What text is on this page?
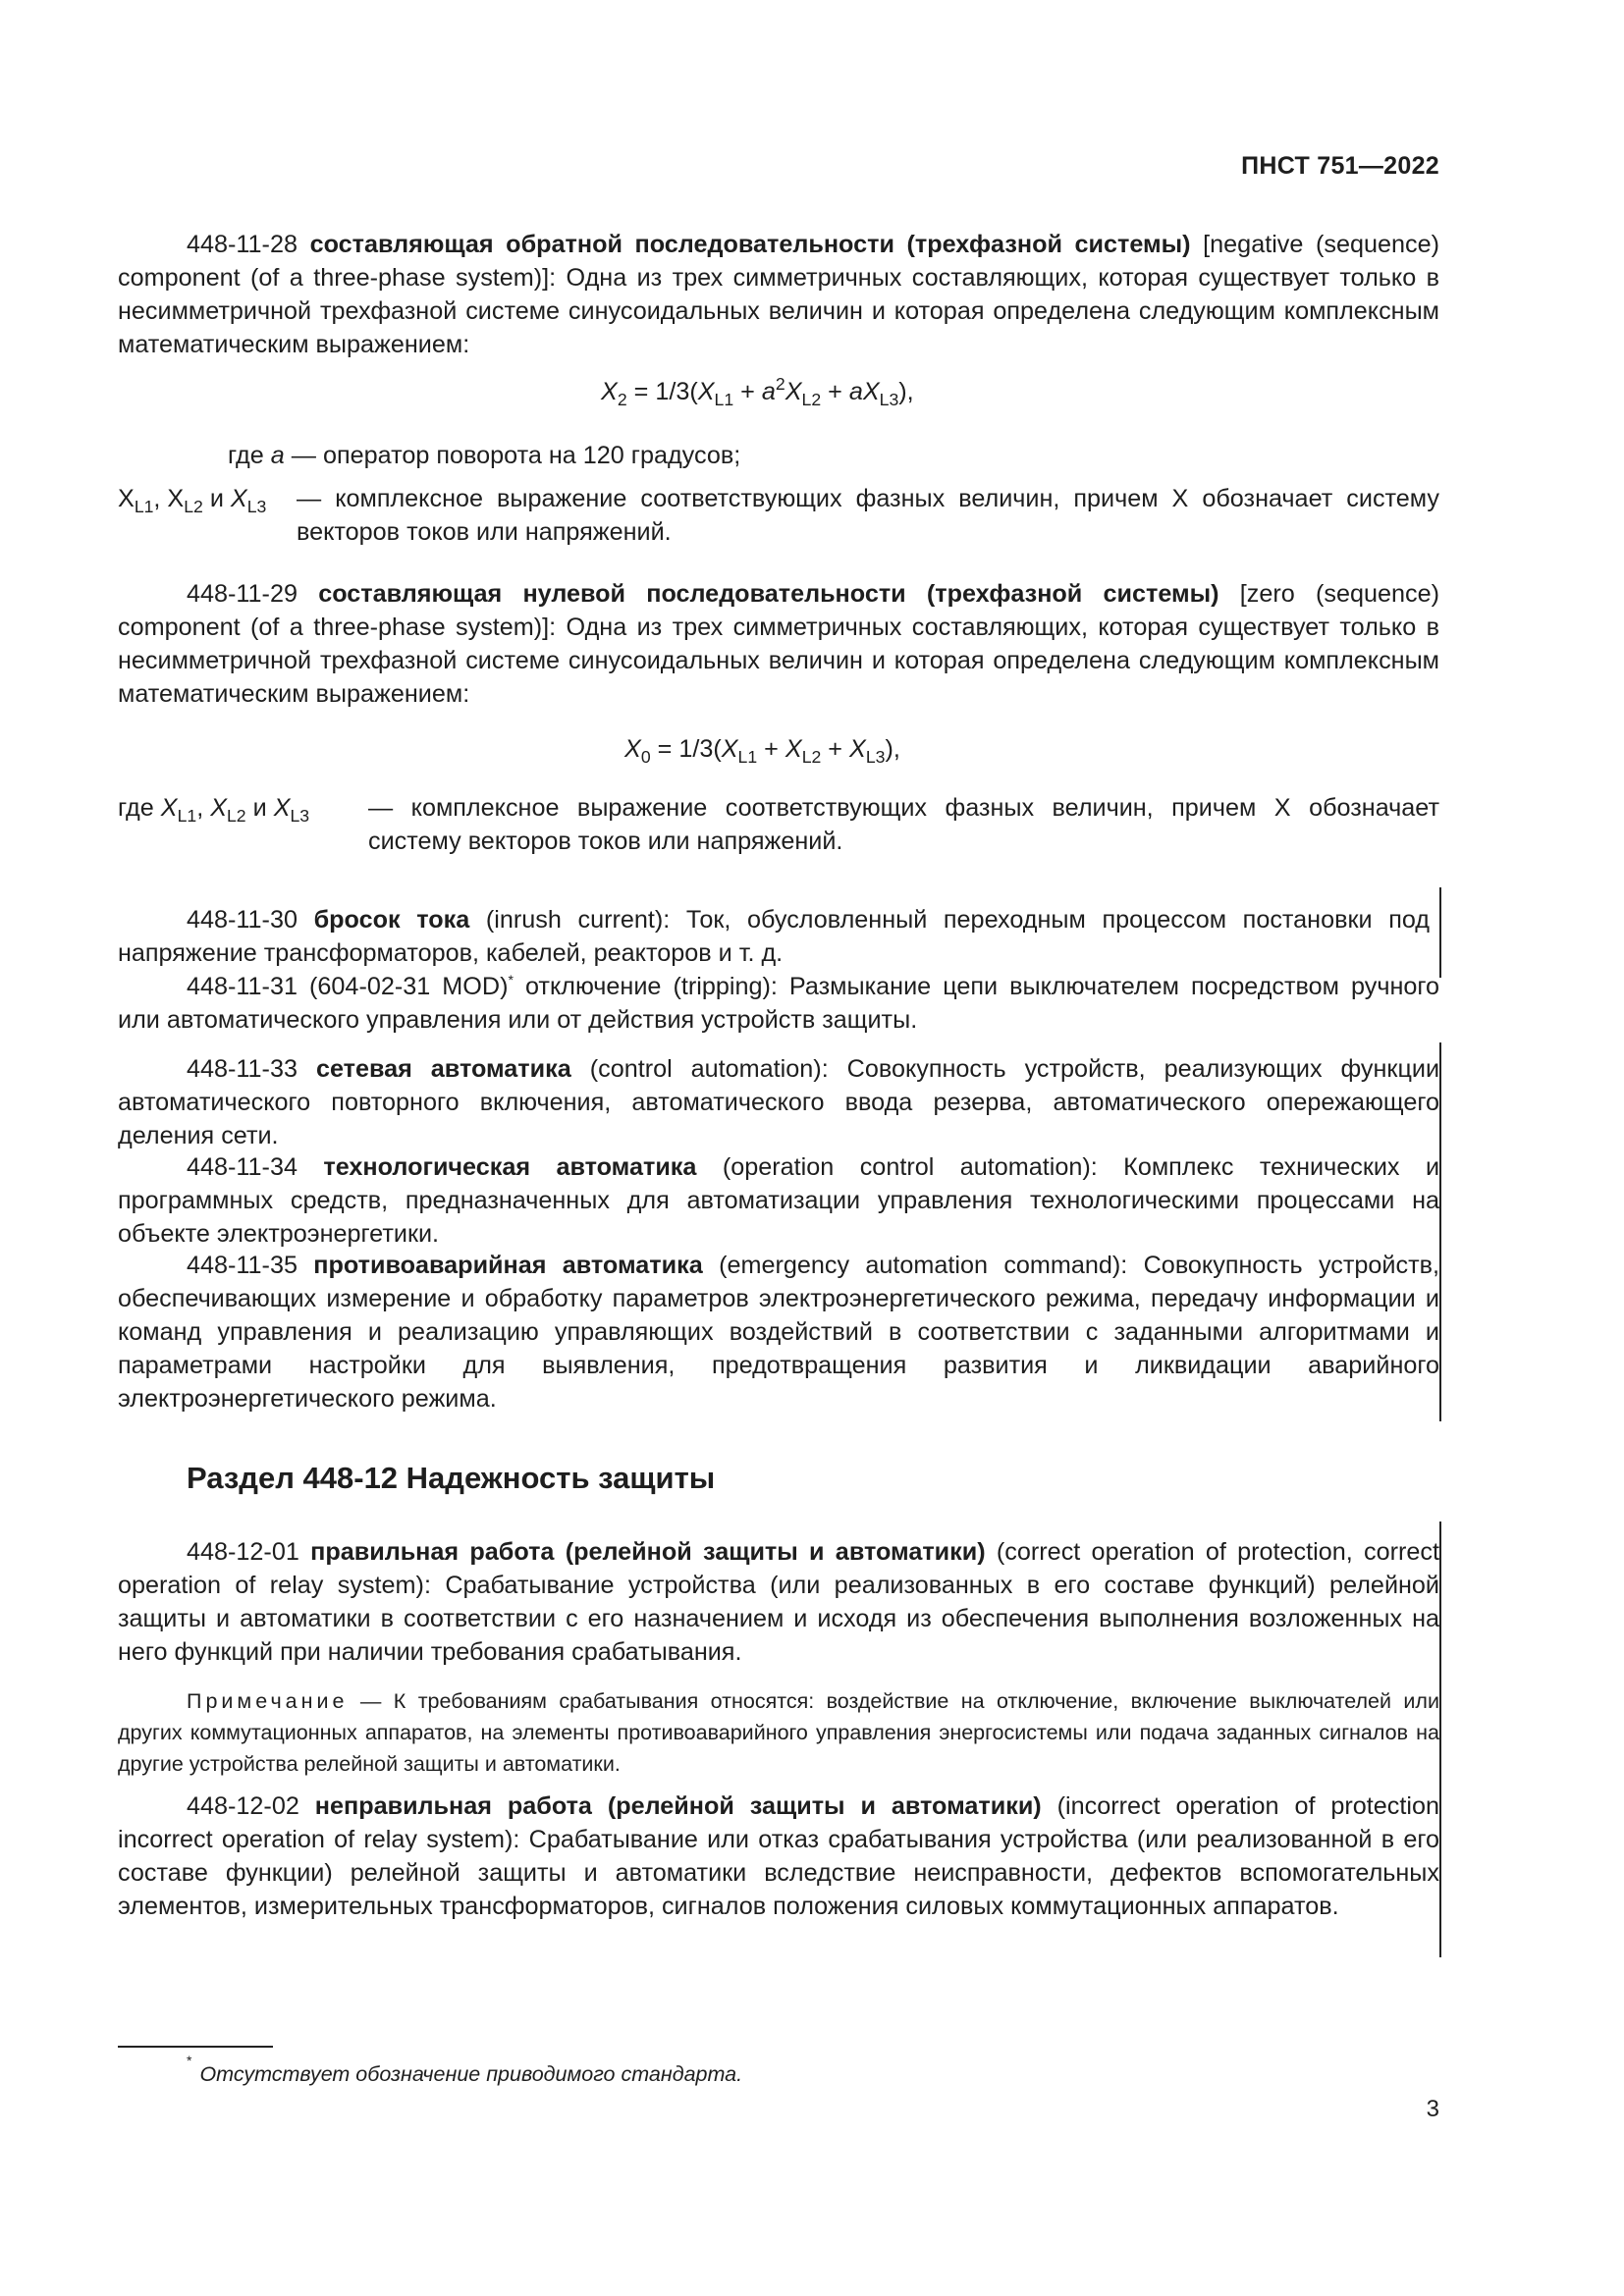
ПНСТ 751—2022

448-11-28 составляющая обратной последовательности (трехфазной системы) [negative (sequence) component (of a three-phase system)]: Одна из трех симметричных составляющих, которая существует только в несимметричной трехфазной системе синусоидальных величин и которая определена следующим комплексным математическим выражением:

$X_2 = 1/3(X_{L1} + a^2X_{L2} + aX_{L3})$,
где a — оператор поворота на 120 градусов;
$X_{L1}$, $X_{L2}$ и $X_{L3}$ — комплексное выражение соответствующих фазных величин, причем X обозначает систему векторов токов или напряжений.

448-11-29 составляющая нулевой последовательности (трехфазной системы) [zero (sequence) component (of a three-phase system)]: Одна из трех симметричных составляющих, которая существует только в несимметричной трехфазной системе синусоидальных величин и которая определена следующим комплексным математическим выражением:

$X_0 = 1/3(X_{L1} + X_{L2} + X_{L3})$,
где $X_{L1}$, $X_{L2}$ и $X_{L3}$ — комплексное выражение соответствующих фазных величин, причем X обозначает систему векторов токов или напряжений.

448-11-30 бросок тока (inrush current): Ток, обусловленный переходным процессом постановки под напряжение трансформаторов, кабелей, реакторов и т. д.

448-11-31 (604-02-31 MOD)* отключение (tripping): Размыкание цепи выключателем посредством ручного или автоматического управления или от действия устройств защиты.

448-11-33 сетевая автоматика (control automation): Совокупность устройств, реализующих функции автоматического повторного включения, автоматического ввода резерва, автоматического опережающего деления сети.

448-11-34 технологическая автоматика (operation control automation): Комплекс технических и программных средств, предназначенных для автоматизации управления технологическими процессами на объекте электроэнергетики.

448-11-35 противоаварийная автоматика (emergency automation command): Совокупность устройств, обеспечивающих измерение и обработку параметров электроэнергетического режима, передачу информации и команд управления и реализацию управляющих воздействий в соответствии с заданными алгоритмами и параметрами настройки для выявления, предотвращения развития и ликвидации аварийного электроэнергетического режима.

Раздел 448-12 Надежность защиты

448-12-01 правильная работа (релейной защиты и автоматики) (correct operation of protection, correct operation of relay system): Срабатывание устройства (или реализованных в его составе функций) релейной защиты и автоматики в соответствии с его назначением и исходя из обеспечения выполнения возложенных на него функций при наличии требования срабатывания.

Примечание — К требованиям срабатывания относятся: воздействие на отключение, включение выключателей или других коммутационных аппаратов, на элементы противоаварийного управления энергосистемы или подача заданных сигналов на другие устройства релейной защиты и автоматики.

448-12-02 неправильная работа (релейной защиты и автоматики) (incorrect operation of protection incorrect operation of relay system): Срабатывание или отказ срабатывания устройства (или реализованной в его составе функции) релейной защиты и автоматики вследствие неисправности, дефектов вспомогательных элементов, измерительных трансформаторов, сигналов положения силовых коммутационных аппаратов.

*Отсутствует обозначение приводимого стандарта.
3
